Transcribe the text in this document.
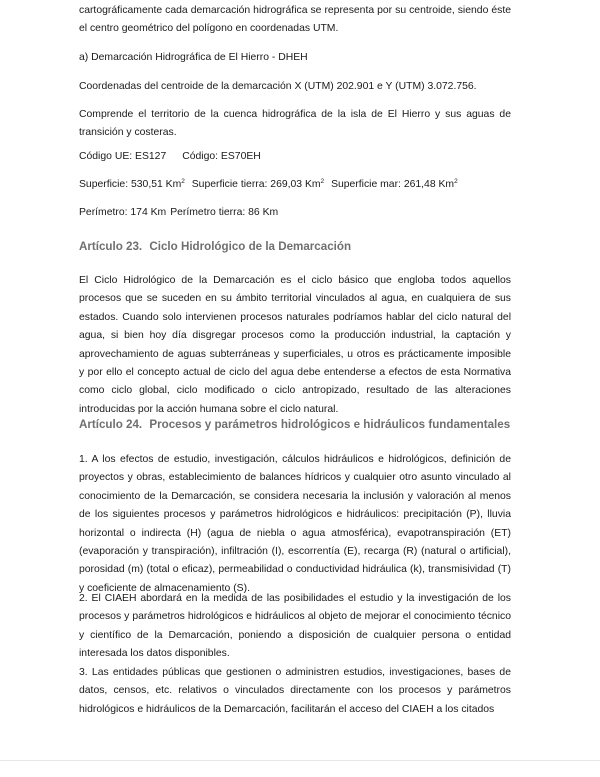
cartográficamente cada demarcación hidrográfica se representa por su centroide, siendo éste el centro geométrico del polígono en coordenadas UTM.

a) Demarcación Hidrográfica de El Hierro - DHEH

Coordenadas del centroide de la demarcación X (UTM) 202.901 e Y (UTM) 3.072.756.

Comprende el territorio de la cuenca hidrográfica de la isla de El Hierro y sus aguas de transición y costeras.

Código UE: ES127 Código: ES70EH

Superficie: 530,51 Km$^2$ Superficie tierra: 269,03 Km$^2$ Superficie mar: 261,48 Km$^2$

Perímetro: 174 Km Perímetro tierra: 86 Km

Artículo 23. Ciclo Hidrológico de la Demarcación

El Ciclo Hidrológico de la Demarcación es el ciclo básico que engloba todos aquellos procesos que se suceden en su ámbito territorial vinculados al agua, en cualquiera de sus estados. Cuando solo intervienen procesos naturales podríamos hablar del ciclo natural del agua, si bien hoy día disgregar procesos como la producción industrial, la captación y aprovechamiento de aguas subterráneas y superficiales, u otros es prácticamente imposible y por ello el concepto actual de ciclo del agua debe entenderse a efectos de esta Normativa como ciclo global, ciclo modificado o ciclo antropizado, resultado de las alteraciones introducidas por la acción humana sobre el ciclo natural.

Artículo 24. Procesos y parámetros hidrológicos e hidráulicos fundamentales

1. A los efectos de estudio, investigación, cálculos hidráulicos e hidrológicos, definición de proyectos y obras, establecimiento de balances hídricos y cualquier otro asunto vinculado al conocimiento de la Demarcación, se considera necesaria la inclusión y valoración al menos de los siguientes procesos y parámetros hidrológicos e hidráulicos: precipitación (P), lluvia horizontal o indirecta (H) (agua de niebla o agua atmosférica), evapotranspiración (ET) (evaporación y transpiración), infiltración (I), escorrentía (E), recarga (R) (natural o artificial), porosidad (m) (total o eficaz), permeabilidad o conductividad hidráulica (k), transmisividad (T) y coeficiente de almacenamiento (S).

2. El CIAEH abordará en la medida de las posibilidades el estudio y la investigación de los procesos y parámetros hidrológicos e hidráulicos al objeto de mejorar el conocimiento técnico y científico de la Demarcación, poniendo a disposición de cualquier persona o entidad interesada los datos disponibles.

3. Las entidades públicas que gestionen o administren estudios, investigaciones, bases de datos, censos, etc. relativos o vinculados directamente con los procesos y parámetros hidrológicos e hidráulicos de la Demarcación, facilitarán el acceso del CIAEH a los citados
